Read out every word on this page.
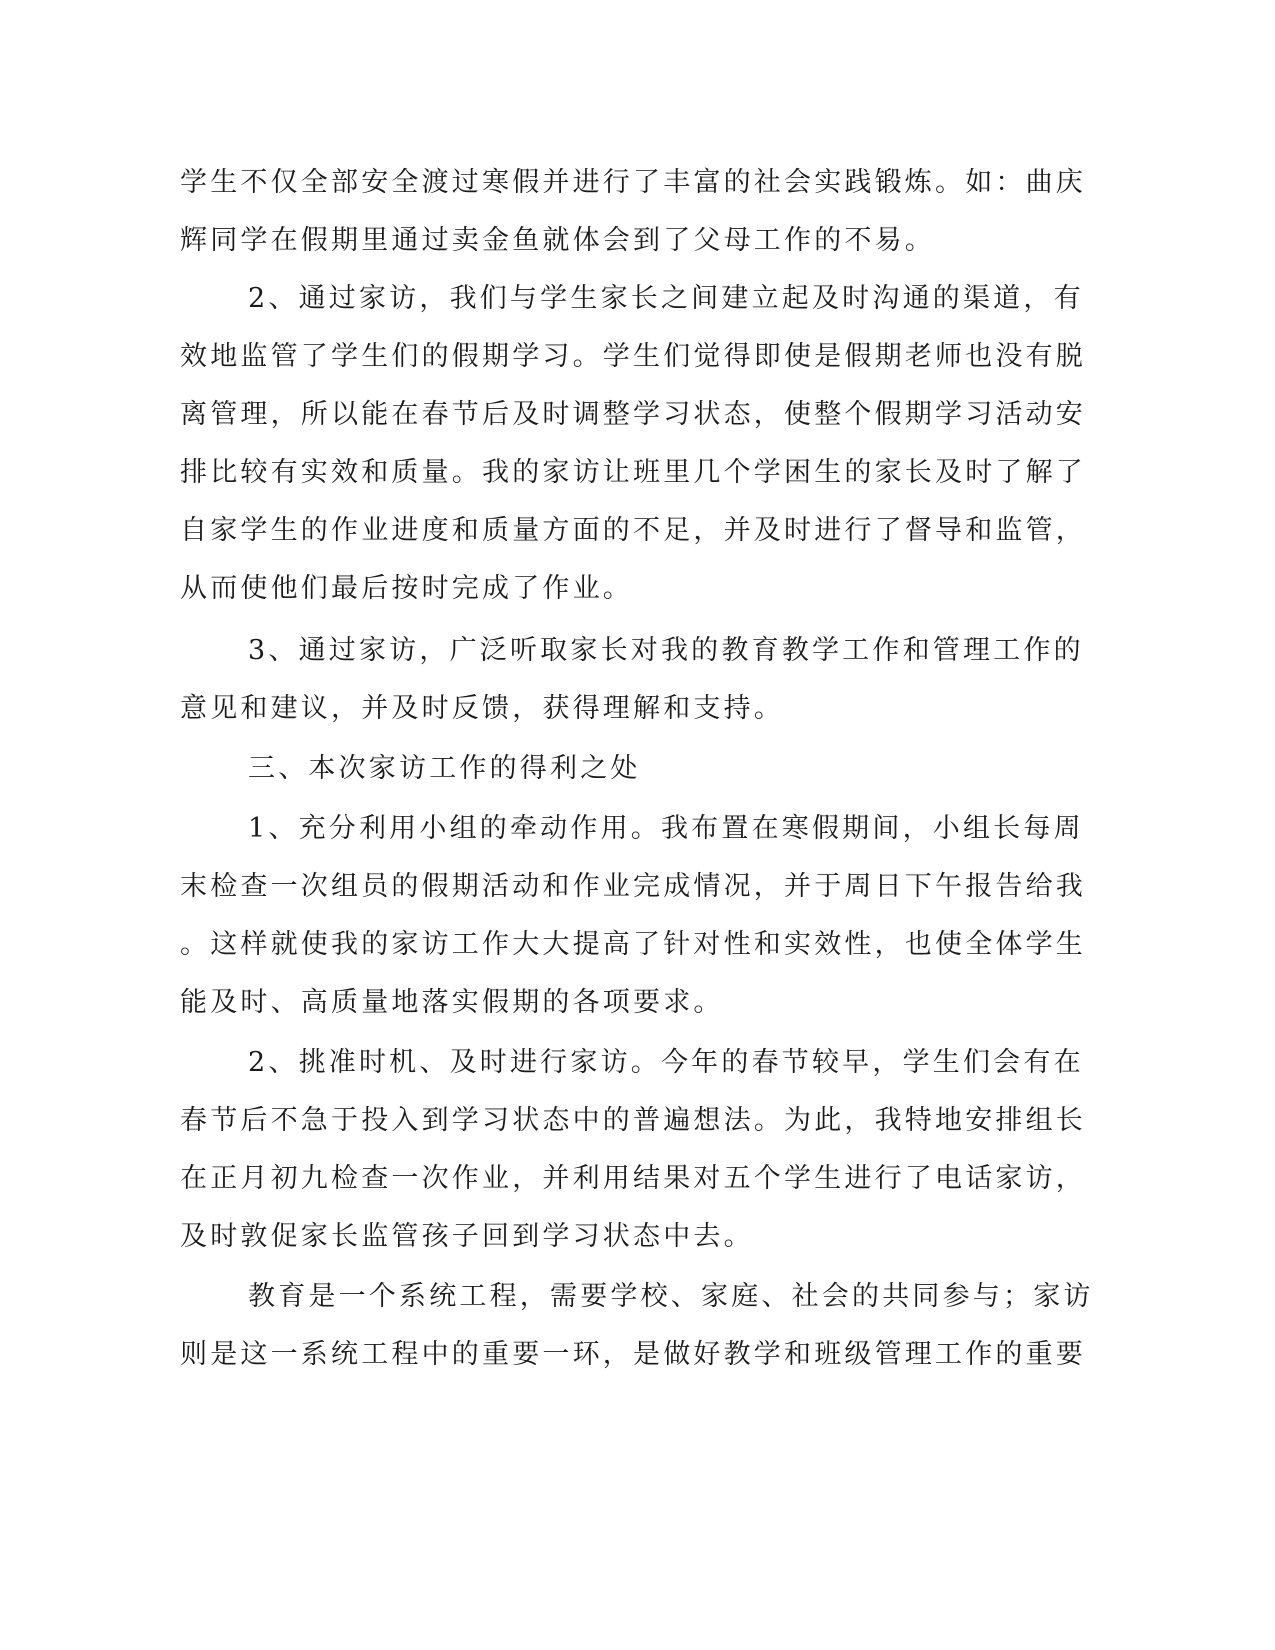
学生不仅全部安全渡过寒假并进行了丰富的社会实践锻炼。如：曲庆
辉同学在假期里通过卖金鱼就体会到了父母工作的不易。
2、通过家访，我们与学生家长之间建立起及时沟通的渠道，有
效地监管了学生们的假期学习。学生们觉得即使是假期老师也没有脱
离管理，所以能在春节后及时调整学习状态，使整个假期学习活动安
排比较有实效和质量。我的家访让班里几个学困生的家长及时了解了
自家学生的作业进度和质量方面的不足，并及时进行了督导和监管，
从而使他们最后按时完成了作业。
3、通过家访，广泛听取家长对我的教育教学工作和管理工作的
意见和建议，并及时反馈，获得理解和支持。
三、本次家访工作的得利之处
1、充分利用小组的牵动作用。我布置在寒假期间，小组长每周
末检查一次组员的假期活动和作业完成情况，并于周日下午报告给我
。这样就使我的家访工作大大提高了针对性和实效性，也使全体学生
能及时、高质量地落实假期的各项要求。
2、挑准时机、及时进行家访。今年的春节较早，学生们会有在
春节后不急于投入到学习状态中的普遍想法。为此，我特地安排组长
在正月初九检查一次作业，并利用结果对五个学生进行了电话家访，
及时敦促家长监管孩子回到学习状态中去。
教育是一个系统工程，需要学校、家庭、社会的共同参与；家访
则是这一系统工程中的重要一环，是做好教学和班级管理工作的重要
